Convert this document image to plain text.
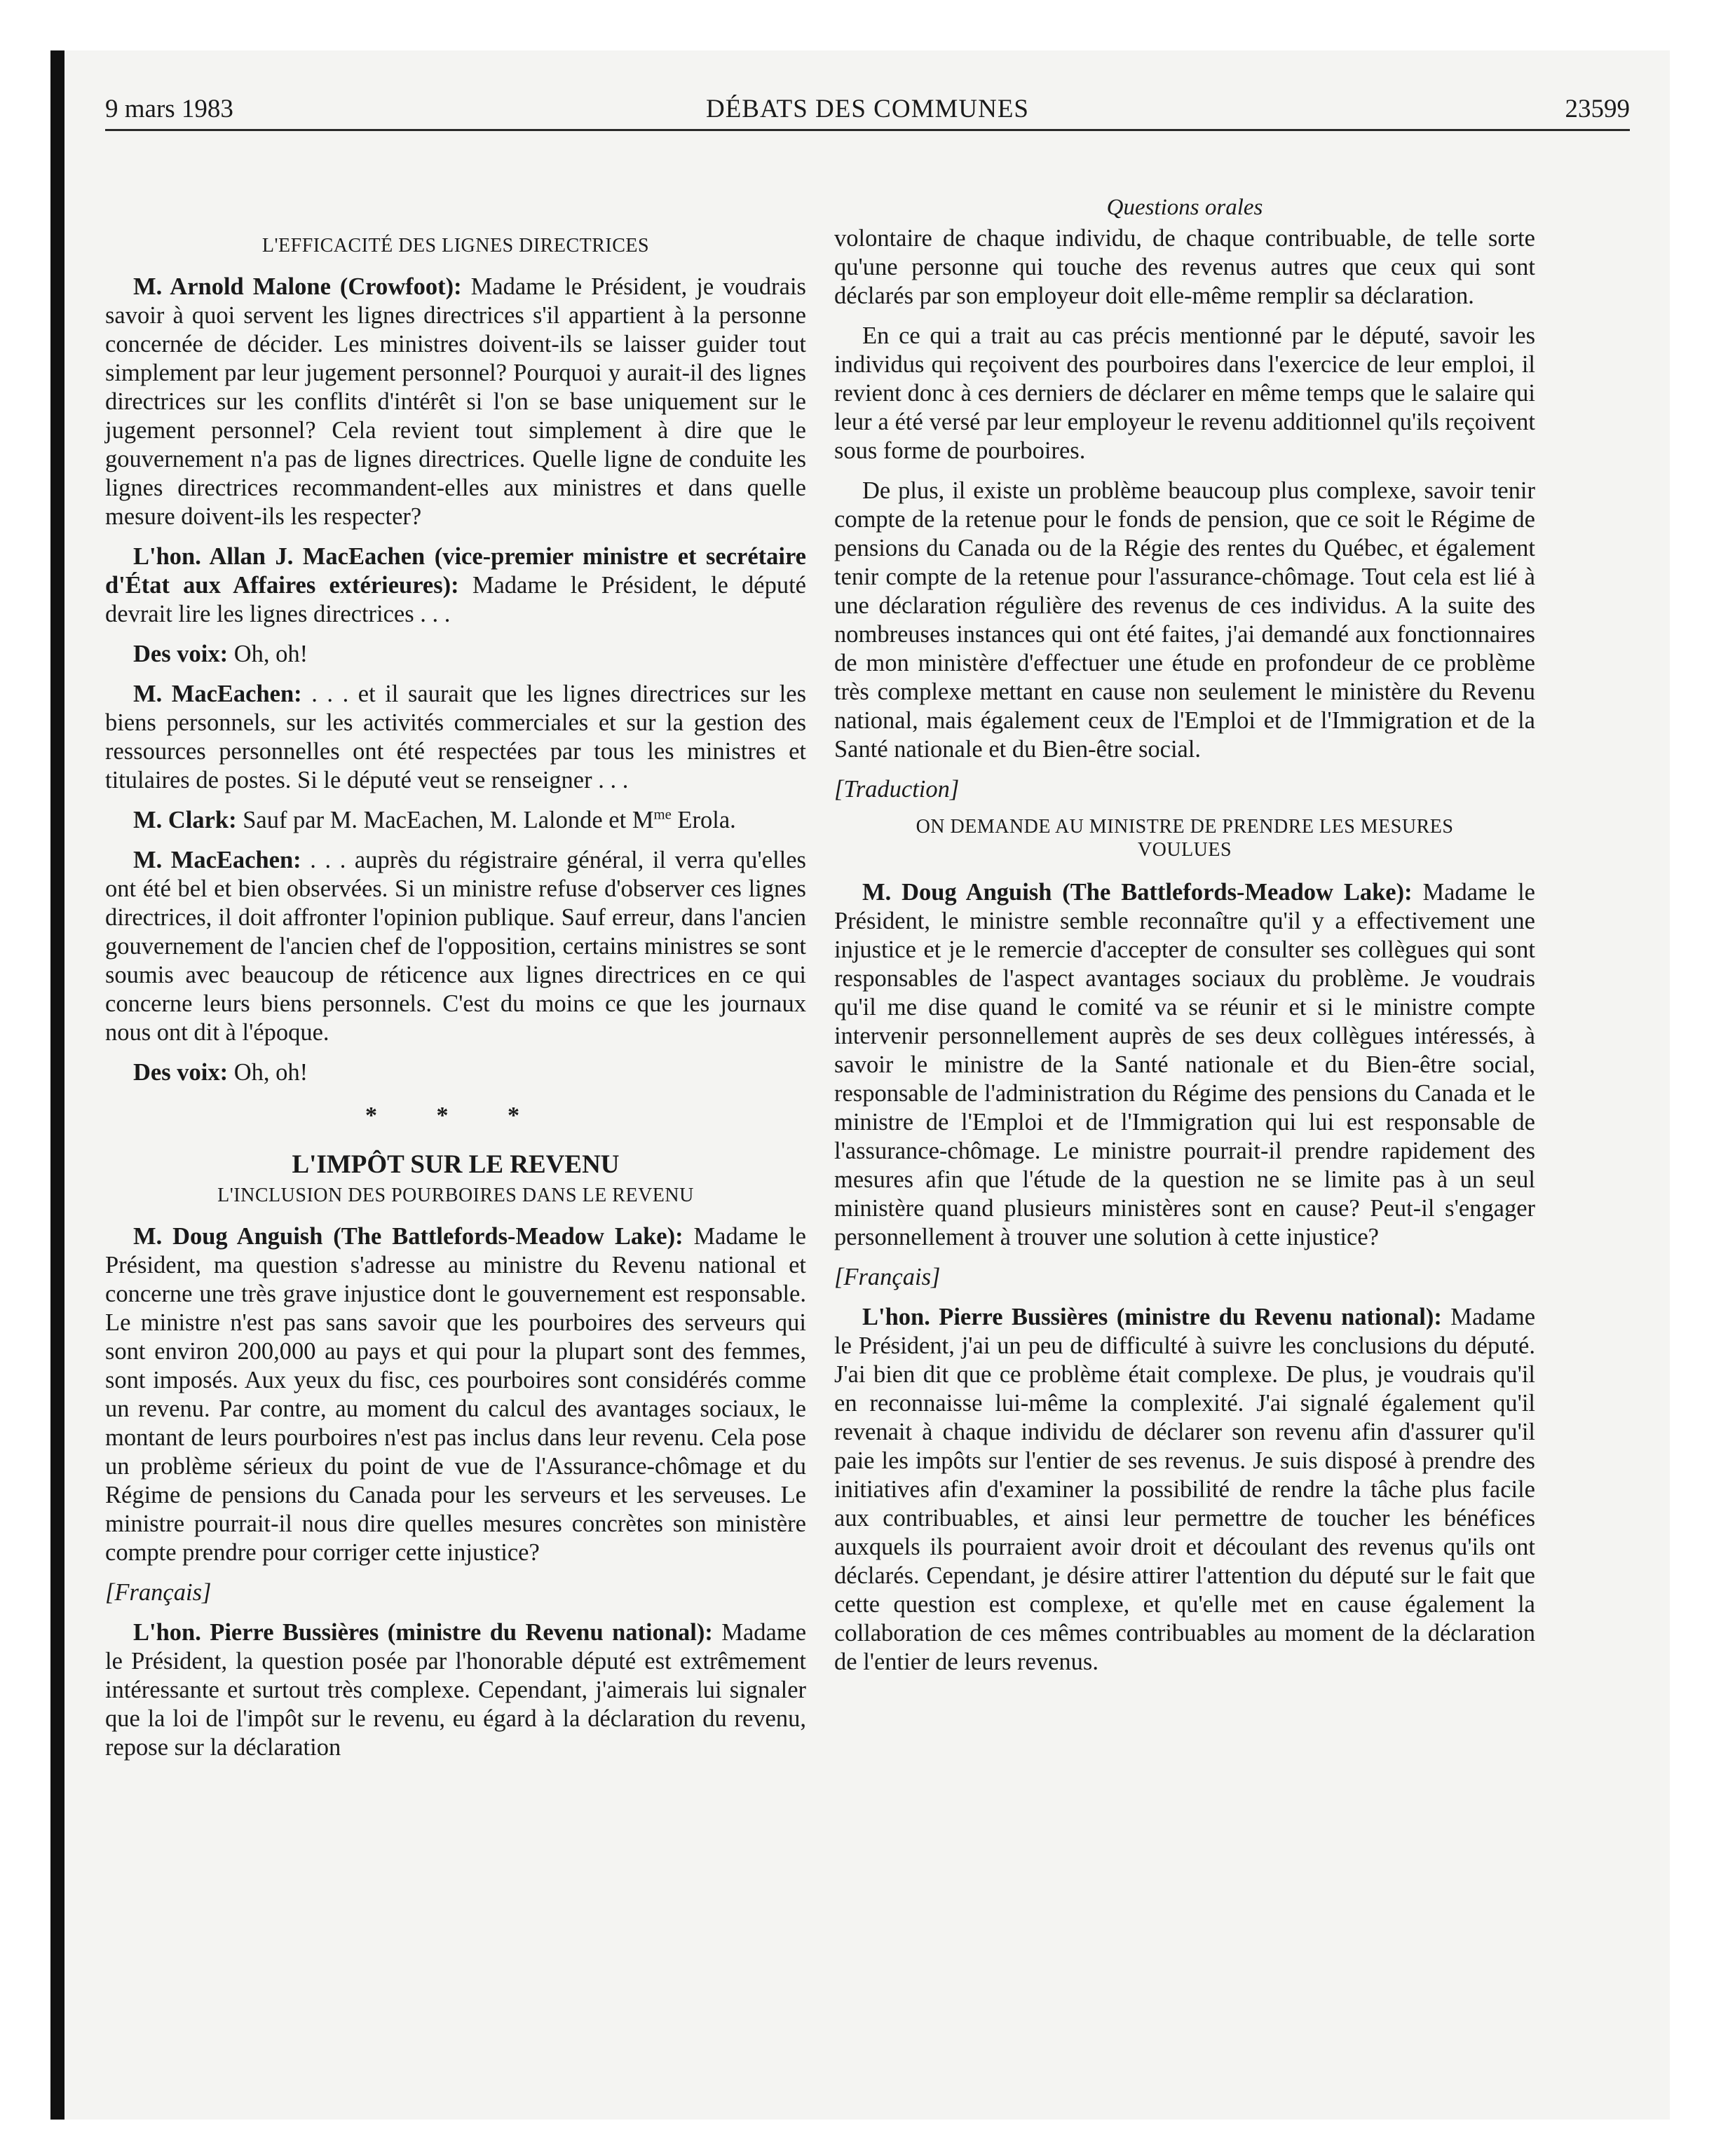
9 mars 1983	DÉBATS DES COMMUNES	23599
L'EFFICACITÉ DES LIGNES DIRECTRICES

M. Arnold Malone (Crowfoot): Madame le Président, je voudrais savoir à quoi servent les lignes directrices s'il appartient à la personne concernée de décider. Les ministres doivent-ils se laisser guider tout simplement par leur jugement personnel? Pourquoi y aurait-il des lignes directrices sur les conflits d'intérêt si l'on se base uniquement sur le jugement personnel? Cela revient tout simplement à dire que le gouvernement n'a pas de lignes directrices. Quelle ligne de conduite les lignes directrices recommandent-elles aux ministres et dans quelle mesure doivent-ils les respecter?

L'hon. Allan J. MacEachen (vice-premier ministre et secrétaire d'État aux Affaires extérieures): Madame le Président, le député devrait lire les lignes directrices . . .

Des voix: Oh, oh!

M. MacEachen: . . . et il saurait que les lignes directrices sur les biens personnels, sur les activités commerciales et sur la gestion des ressources personnelles ont été respectées par tous les ministres et titulaires de postes. Si le député veut se renseigner . . .

M. Clark: Sauf par M. MacEachen, M. Lalonde et $M^{me}$ Erola.

M. MacEachen: . . . auprès du régistraire général, il verra qu'elles ont été bel et bien observées. Si un ministre refuse d'observer ces lignes directrices, il doit affronter l'opinion publique. Sauf erreur, dans l'ancien gouvernement de l'ancien chef de l'opposition, certains ministres se sont soumis avec beaucoup de réticence aux lignes directrices en ce qui concerne leurs biens personnels. C'est du moins ce que les journaux nous ont dit à l'époque.

Des voix: Oh, oh!

* * *
L'IMPÔT SUR LE REVENU
L'INCLUSION DES POURBOIRES DANS LE REVENU

M. Doug Anguish (The Battlefords-Meadow Lake): Madame le Président, ma question s'adresse au ministre du Revenu national et concerne une très grave injustice dont le gouvernement est responsable. Le ministre n'est pas sans savoir que les pourboires des serveurs qui sont environ 200,000 au pays et qui pour la plupart sont des femmes, sont imposés. Aux yeux du fisc, ces pourboires sont considérés comme un revenu. Par contre, au moment du calcul des avantages sociaux, le montant de leurs pourboires n'est pas inclus dans leur revenu. Cela pose un problème sérieux du point de vue de l'Assurance-chômage et du Régime de pensions du Canada pour les serveurs et les serveuses. Le ministre pourrait-il nous dire quelles mesures concrètes son ministère compte prendre pour corriger cette injustice?

[Français]

L'hon. Pierre Bussières (ministre du Revenu national): Madame le Président, la question posée par l'honorable député est extrêmement intéressante et surtout très complexe. Cependant, j'aimerais lui signaler que la loi de l'impôt sur le revenu, eu égard à la déclaration du revenu, repose sur la déclaration

Questions orales

volontaire de chaque individu, de chaque contribuable, de telle sorte qu'une personne qui touche des revenus autres que ceux qui sont déclarés par son employeur doit elle-même remplir sa déclaration.

En ce qui a trait au cas précis mentionné par le député, savoir les individus qui reçoivent des pourboires dans l'exercice de leur emploi, il revient donc à ces derniers de déclarer en même temps que le salaire qui leur a été versé par leur employeur le revenu additionnel qu'ils reçoivent sous forme de pourboires.

De plus, il existe un problème beaucoup plus complexe, savoir tenir compte de la retenue pour le fonds de pension, que ce soit le Régime de pensions du Canada ou de la Régie des rentes du Québec, et également tenir compte de la retenue pour l'assurance-chômage. Tout cela est lié à une déclaration régulière des revenus de ces individus. A la suite des nombreuses instances qui ont été faites, j'ai demandé aux fonctionnaires de mon ministère d'effectuer une étude en profondeur de ce problème très complexe mettant en cause non seulement le ministère du Revenu national, mais également ceux de l'Emploi et de l'Immigration et de la Santé nationale et du Bien-être social.

[Traduction]
ON DEMANDE AU MINISTRE DE PRENDRE LES MESURES VOULUES

M. Doug Anguish (The Battlefords-Meadow Lake): Madame le Président, le ministre semble reconnaître qu'il y a effectivement une injustice et je le remercie d'accepter de consulter ses collègues qui sont responsables de l'aspect avantages sociaux du problème. Je voudrais qu'il me dise quand le comité va se réunir et si le ministre compte intervenir personnellement auprès de ses deux collègues intéressés, à savoir le ministre de la Santé nationale et du Bien-être social, responsable de l'administration du Régime des pensions du Canada et le ministre de l'Emploi et de l'Immigration qui lui est responsable de l'assurance-chômage. Le ministre pourrait-il prendre rapidement des mesures afin que l'étude de la question ne se limite pas à un seul ministère quand plusieurs ministères sont en cause? Peut-il s'engager personnellement à trouver une solution à cette injustice?

[Français]

L'hon. Pierre Bussières (ministre du Revenu national): Madame le Président, j'ai un peu de difficulté à suivre les conclusions du député. J'ai bien dit que ce problème était complexe. De plus, je voudrais qu'il en reconnaisse lui-même la complexité. J'ai signalé également qu'il revenait à chaque individu de déclarer son revenu afin d'assurer qu'il paie les impôts sur l'entier de ses revenus. Je suis disposé à prendre des initiatives afin d'examiner la possibilité de rendre la tâche plus facile aux contribuables, et ainsi leur permettre de toucher les bénéfices auxquels ils pourraient avoir droit et découlant des revenus qu'ils ont déclarés. Cependant, je désire attirer l'attention du député sur le fait que cette question est complexe, et qu'elle met en cause également la collaboration de ces mêmes contribuables au moment de la déclaration de l'entier de leurs revenus.
